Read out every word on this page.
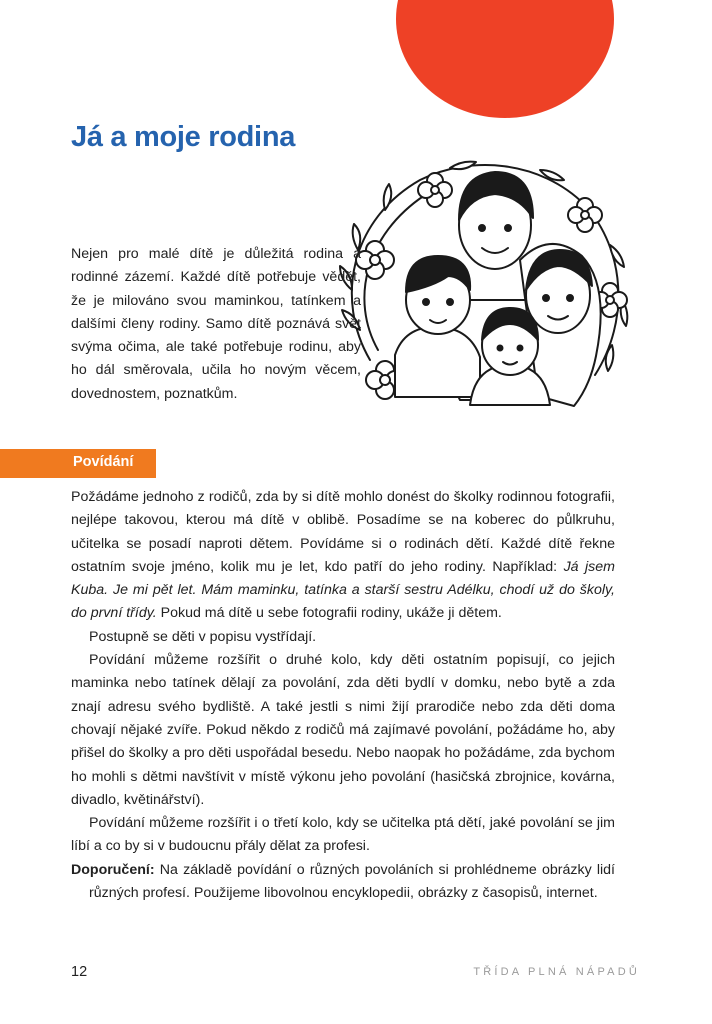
Já a moje rodina

Nejen pro malé dítě je důležitá rodina a rodinné zázemí. Každé dítě potřebuje vědět, že je milováno svou maminkou, tatínkem a dalšími členy rodiny. Samo dítě poznává svět svýma očima, ale také potřebuje rodinu, aby ho dál směrovala, učila ho novým věcem, dovednostem, poznatkům.

Povídání

Požádáme jednoho z rodičů, zda by si dítě mohlo donést do školky rodinnou fotografii, nejlépe takovou, kterou má dítě v oblibě. Posadíme se na koberec do půlkruhu, učitelka se posadí naproti dětem. Povídáme si o rodinách dětí. Každé dítě řekne ostatním svoje jméno, kolik mu je let, kdo patří do jeho rodiny. Například: Já jsem Kuba. Je mi pět let. Mám maminku, tatínka a starší sestru Adélku, chodí už do školy, do první třídy. Pokud má dítě u sebe fotografii rodiny, ukáže ji dětem.

Postupně se děti v popisu vystřídají.

Povídání můžeme rozšířit o druhé kolo, kdy děti ostatním popisují, co jejich maminka nebo tatínek dělají za povolání, zda děti bydlí v domku, nebo bytě a zda znají adresu svého bydliště. A také jestli s nimi žijí prarodiče nebo zda děti doma chovají nějaké zvíře. Pokud někdo z rodičů má zajímavé povolání, požádáme ho, aby přišel do školky a pro děti uspořádal besedu. Nebo naopak ho požádáme, zda bychom ho mohli s dětmi navštívit v místě výkonu jeho povolání (hasičská zbrojnice, kovárna, divadlo, květinářství).

Povídání můžeme rozšířit i o třetí kolo, kdy se učitelka ptá dětí, jaké povolání se jim líbí a co by si v budoucnu přály dělat za profesi.

Doporučení: Na základě povídání o různých povoláních si prohlédneme obrázky lidí různých profesí. Použijeme libovolnou encyklopedii, obrázky z časopisů, internet.

12	TŘÍDA PLNÁ NÁPADŮ
